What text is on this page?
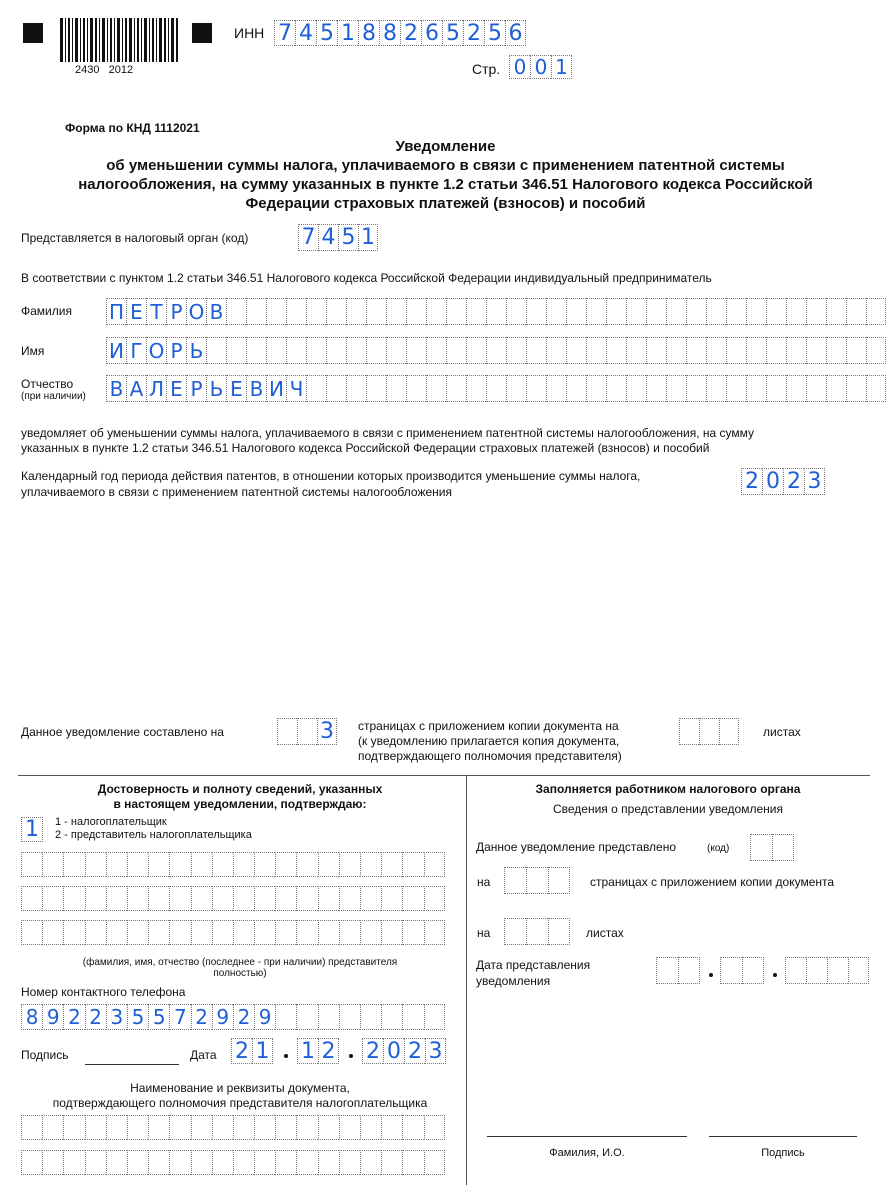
2430   2012
ИНН 7 4 5 1 8 8 2 6 5 2 5 6
Стр. 0 0 1
Форма по КНД 1112021
Уведомление
об уменьшении суммы налога, уплачиваемого в связи с применением патентной системы
налогообложения, на сумму указанных в пункте 1.2 статьи 346.51 Налогового кодекса Российской
Федерации страховых платежей (взносов) и пособий
Представляется в налоговый орган (код) 7 4 5 1
В соответствии с пунктом 1.2 статьи 346.51 Налогового кодекса Российской Федерации индивидуальный предприниматель
Фамилия П Е Т Р О В
Имя	И Г О Р Ь
Отчество
(при наличии) В А Л Е Р Ь Е В И Ч
уведомляет об уменьшении суммы налога, уплачиваемого в связи с применением патентной системы налогообложения, на сумму
указанных в пункте 1.2 статьи 346.51 Налогового кодекса Российской Федерации страховых платежей (взносов) и пособий
Календарный год периода действия патентов, в отношении которых производится уменьшение суммы налога,
уплачиваемого в связи с применением патентной системы налогообложения	2 0 2 3
Данное уведомление составлено на	3 страницах с приложением копии документа на
(к уведомлению прилагается копия документа,
подтверждающего полномочия представителя)
листах
Достоверность и полноту сведений, указанных
в настоящем уведомлении, подтверждаю:
1	1 - налогоплательщик
2 - представитель налогоплательщика
(фамилия, имя, отчество (последнее - при наличии) представителя
полностью)
Номер контактного телефона
8 9 2 2 3 5 5 7 2 9 2 9
Подпись	Дата 2 1 1 2 2 0 2 3
Наименование и реквизиты документа,
подтверждающего полномочия представителя налогоплательщика
Заполняется работником налогового органа
Сведения о представлении уведомления
Данное уведомление представлено	(код)
на	страницах с приложением копии документа
на	листах
Дата представления
уведомления
Фамилия, И.О.	Подпись
